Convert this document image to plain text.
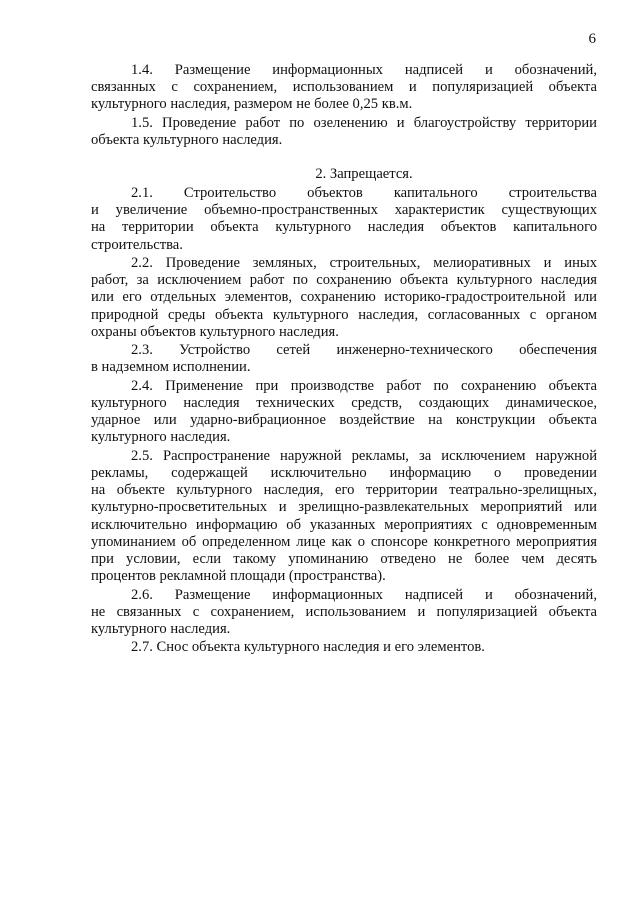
6
1.4. Размещение информационных надписей и обозначений,
связанных с сохранением, использованием и популяризацией объекта
культурного наследия, размером не более 0,25 кв.м.
1.5. Проведение работ по озеленению и благоустройству территории
объекта культурного наследия.
2. Запрещается.
2.1. Строительство объектов капитального строительства
и увеличение объемно-пространственных характеристик существующих
на территории объекта культурного наследия объектов капитального
строительства.
2.2. Проведение земляных, строительных, мелиоративных и иных
работ, за исключением работ по сохранению объекта культурного наследия
или его отдельных элементов, сохранению историко-градостроительной или
природной среды объекта культурного наследия, согласованных с органом
охраны объектов культурного наследия.
2.3. Устройство сетей инженерно-технического обеспечения
в надземном исполнении.
2.4. Применение при производстве работ по сохранению объекта
культурного наследия технических средств, создающих динамическое,
ударное или ударно-вибрационное воздействие на конструкции объекта
культурного наследия.
2.5. Распространение наружной рекламы, за исключением наружной
рекламы, содержащей исключительно информацию о проведении
на объекте культурного наследия, его территории театрально-зрелищных,
культурно-просветительных и зрелищно-развлекательных мероприятий или
исключительно информацию об указанных мероприятиях с одновременным
упоминанием об определенном лице как о спонсоре конкретного мероприятия
при условии, если такому упоминанию отведено не более чем десять
процентов рекламной площади (пространства).
2.6. Размещение информационных надписей и обозначений,
не связанных с сохранением, использованием и популяризацией объекта
культурного наследия.
2.7. Снос объекта культурного наследия и его элементов.
